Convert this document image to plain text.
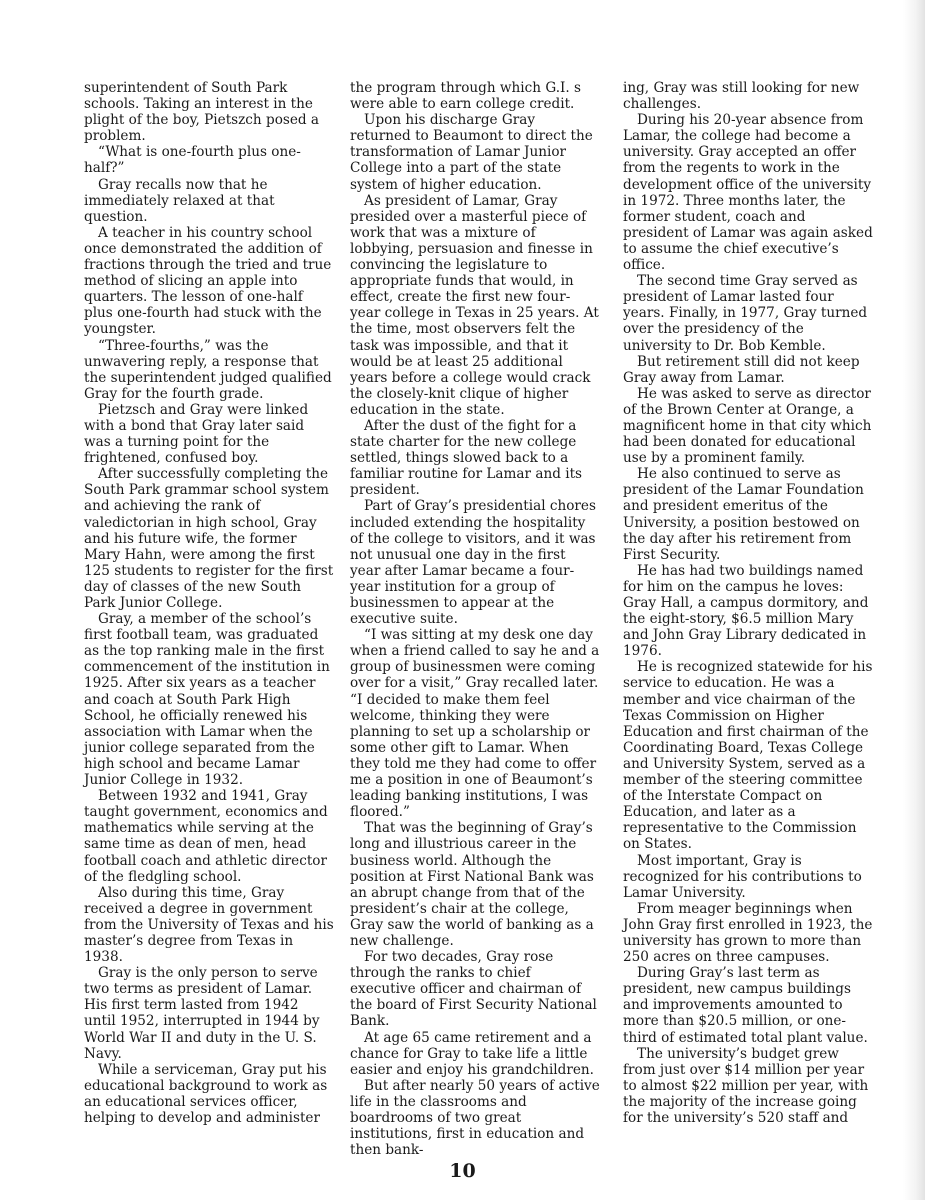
superintendent of South Park schools. Taking an interest in the plight of the boy, Pietszch posed a problem.

“What is one-fourth plus one-half?”

Gray recalls now that he immediately relaxed at that question.

A teacher in his country school once demonstrated the addition of fractions through the tried and true method of slicing an apple into quarters. The lesson of one-half plus one-fourth had stuck with the youngster.

“Three-fourths,” was the unwavering reply, a response that the superintendent judged qualified Gray for the fourth grade.

Pietzsch and Gray were linked with a bond that Gray later said was a turning point for the frightened, confused boy.

After successfully completing the South Park grammar school system and achieving the rank of valedictorian in high school, Gray and his future wife, the former Mary Hahn, were among the first 125 students to register for the first day of classes of the new South Park Junior College.

Gray, a member of the school’s first football team, was graduated as the top ranking male in the first commencement of the institution in 1925. After six years as a teacher and coach at South Park High School, he officially renewed his association with Lamar when the junior college separated from the high school and became Lamar Junior College in 1932.

Between 1932 and 1941, Gray taught government, economics and mathematics while serving at the same time as dean of men, head football coach and athletic director of the fledgling school.

Also during this time, Gray received a degree in government from the University of Texas and his master’s degree from Texas in 1938.

Gray is the only person to serve two terms as president of Lamar. His first term lasted from 1942 until 1952, interrupted in 1944 by World War II and duty in the U. S. Navy.

While a serviceman, Gray put his educational background to work as an educational services officer, helping to develop and administer

the program through which G.I. s were able to earn college credit.

Upon his discharge Gray returned to Beaumont to direct the transformation of Lamar Junior College into a part of the state system of higher education.

As president of Lamar, Gray presided over a masterful piece of work that was a mixture of lobbying, persuasion and finesse in convincing the legislature to appropriate funds that would, in effect, create the first new four-year college in Texas in 25 years. At the time, most observers felt the task was impossible, and that it would be at least 25 additional years before a college would crack the closely-knit clique of higher education in the state.

After the dust of the fight for a state charter for the new college settled, things slowed back to a familiar routine for Lamar and its president.

Part of Gray’s presidential chores included extending the hospitality of the college to visitors, and it was not unusual one day in the first year after Lamar became a four-year institution for a group of businessmen to appear at the executive suite.

“I was sitting at my desk one day when a friend called to say he and a group of businessmen were coming over for a visit,” Gray recalled later. “I decided to make them feel welcome, thinking they were planning to set up a scholarship or some other gift to Lamar. When they told me they had come to offer me a position in one of Beaumont’s leading banking institutions, I was floored.”

That was the beginning of Gray’s long and illustrious career in the business world. Although the position at First National Bank was an abrupt change from that of the president’s chair at the college, Gray saw the world of banking as a new challenge.

For two decades, Gray rose through the ranks to chief executive officer and chairman of the board of First Security National Bank.

At age 65 came retirement and a chance for Gray to take life a little easier and enjoy his grandchildren.

But after nearly 50 years of active life in the classrooms and boardrooms of two great institutions, first in education and then bank-

ing, Gray was still looking for new challenges.

During his 20-year absence from Lamar, the college had become a university. Gray accepted an offer from the regents to work in the development office of the university in 1972. Three months later, the former student, coach and president of Lamar was again asked to assume the chief executive’s office.

The second time Gray served as president of Lamar lasted four years. Finally, in 1977, Gray turned over the presidency of the university to Dr. Bob Kemble.

But retirement still did not keep Gray away from Lamar.

He was asked to serve as director of the Brown Center at Orange, a magnificent home in that city which had been donated for educational use by a prominent family.

He also continued to serve as president of the Lamar Foundation and president emeritus of the University, a position bestowed on the day after his retirement from First Security.

He has had two buildings named for him on the campus he loves: Gray Hall, a campus dormitory, and the eight-story, $6.5 million Mary and John Gray Library dedicated in 1976.

He is recognized statewide for his service to education. He was a member and vice chairman of the Texas Commission on Higher Education and first chairman of the Coordinating Board, Texas College and University System, served as a member of the steering committee of the Interstate Compact on Education, and later as a representative to the Commission on States.

Most important, Gray is recognized for his contributions to Lamar University.

From meager beginnings when John Gray first enrolled in 1923, the university has grown to more than 250 acres on three campuses.

During Gray’s last term as president, new campus buildings and improvements amounted to more than $20.5 million, or one-third of estimated total plant value.

The university’s budget grew from just over $14 million per year to almost $22 million per year, with the majority of the increase going for the university’s 520 staff and

10
